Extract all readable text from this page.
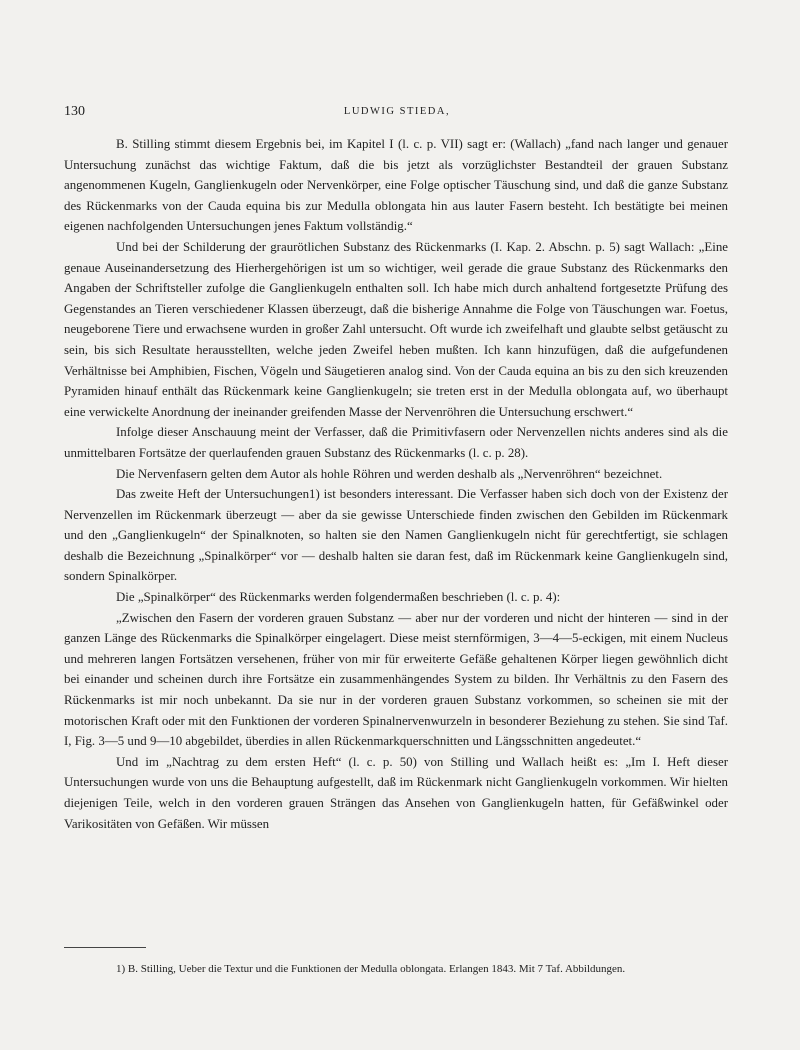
130	LUDWIG STIEDA,

B. Stilling stimmt diesem Ergebnis bei, im Kapitel I (l. c. p. VII) sagt er: (Wallach) „fand nach langer und genauer Untersuchung zunächst das wichtige Faktum, daß die bis jetzt als vorzüglichster Bestandteil der grauen Substanz angenommenen Kugeln, Ganglienkugeln oder Nervenkörper, eine Folge optischer Täuschung sind, und daß die ganze Substanz des Rückenmarks von der Cauda equina bis zur Medulla oblongata hin aus lauter Fasern besteht. Ich bestätigte bei meinen eigenen nachfolgenden Untersuchungen jenes Faktum vollständig.“

Und bei der Schilderung der graurötlichen Substanz des Rückenmarks (I. Kap. 2. Abschn. p. 5) sagt Wallach: „Eine genaue Auseinandersetzung des Hierhergehörigen ist um so wichtiger, weil gerade die graue Substanz des Rückenmarks den Angaben der Schriftsteller zufolge die Ganglienkugeln enthalten soll. Ich habe mich durch anhaltend fortgesetzte Prüfung des Gegenstandes an Tieren verschiedener Klassen überzeugt, daß die bisherige Annahme die Folge von Täuschungen war. Foetus, neugeborene Tiere und erwachsene wurden in großer Zahl untersucht. Oft wurde ich zweifelhaft und glaubte selbst getäuscht zu sein, bis sich Resultate herausstellten, welche jeden Zweifel heben mußten. Ich kann hinzufügen, daß die aufgefundenen Verhältnisse bei Amphibien, Fischen, Vögeln und Säugetieren analog sind. Von der Cauda equina an bis zu den sich kreuzenden Pyramiden hinauf enthält das Rückenmark keine Ganglienkugeln; sie treten erst in der Medulla oblongata auf, wo überhaupt eine verwickelte Anordnung der ineinander greifenden Masse der Nervenröhren die Untersuchung erschwert.“

Infolge dieser Anschauung meint der Verfasser, daß die Primitivfasern oder Nervenzellen nichts anderes sind als die unmittelbaren Fortsätze der querlaufenden grauen Substanz des Rückenmarks (l. c. p. 28).

Die Nervenfasern gelten dem Autor als hohle Röhren und werden deshalb als „Nervenröhren“ bezeichnet.

Das zweite Heft der Untersuchungen1) ist besonders interessant. Die Verfasser haben sich doch von der Existenz der Nervenzellen im Rückenmark überzeugt — aber da sie gewisse Unterschiede finden zwischen den Gebilden im Rückenmark und den „Ganglienkugeln“ der Spinalknoten, so halten sie den Namen Ganglienkugeln nicht für gerechtfertigt, sie schlagen deshalb die Bezeichnung „Spinalkörper“ vor — deshalb halten sie daran fest, daß im Rückenmark keine Ganglienkugeln sind, sondern Spinalkörper.

Die „Spinalkörper“ des Rückenmarks werden folgendermaßen beschrieben (l. c. p. 4):

„Zwischen den Fasern der vorderen grauen Substanz — aber nur der vorderen und nicht der hinteren — sind in der ganzen Länge des Rückenmarks die Spinalkörper eingelagert. Diese meist sternförmigen, 3—4—5-eckigen, mit einem Nucleus und mehreren langen Fortsätzen versehenen, früher von mir für erweiterte Gefäße gehaltenen Körper liegen gewöhnlich dicht bei einander und scheinen durch ihre Fortsätze ein zusammenhängendes System zu bilden. Ihr Verhältnis zu den Fasern des Rückenmarks ist mir noch unbekannt. Da sie nur in der vorderen grauen Substanz vorkommen, so scheinen sie mit der motorischen Kraft oder mit den Funktionen der vorderen Spinalnervenwurzeln in besonderer Beziehung zu stehen. Sie sind Taf. I, Fig. 3—5 und 9—10 abgebildet, überdies in allen Rückenmarkquerschnitten und Längsschnitten angedeutet.“

Und im „Nachtrag zu dem ersten Heft“ (l. c. p. 50) von Stilling und Wallach heißt es: „Im I. Heft dieser Untersuchungen wurde von uns die Behauptung aufgestellt, daß im Rückenmark nicht Ganglienkugeln vorkommen. Wir hielten diejenigen Teile, welch in den vorderen grauen Strängen das Ansehen von Ganglienkugeln hatten, für Gefäßwinkel oder Varikositäten von Gefäßen. Wir müssen

1) B. Stilling, Ueber die Textur und die Funktionen der Medulla oblongata. Erlangen 1843. Mit 7 Taf. Abbildungen.
